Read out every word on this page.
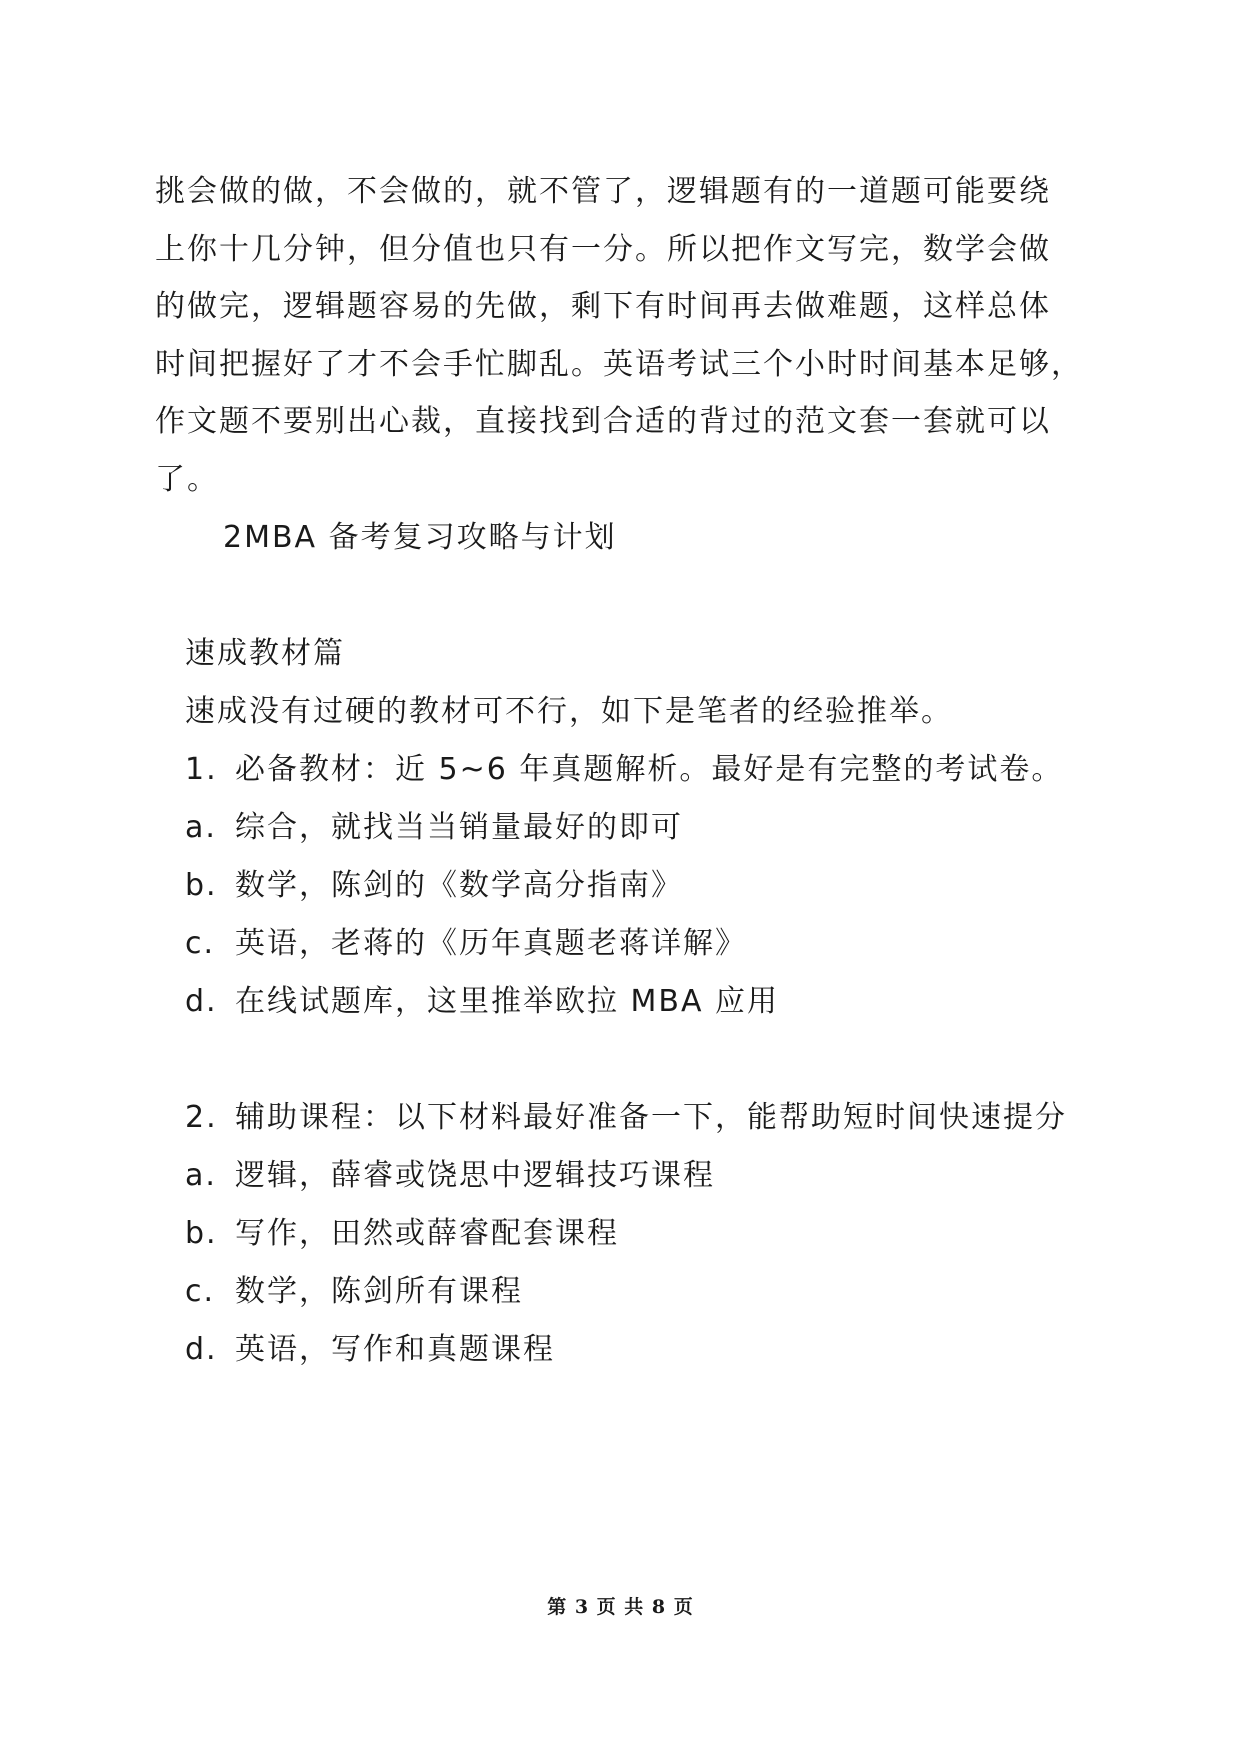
挑会做的做，不会做的，就不管了，逻辑题有的一道题可能要绕
上你十几分钟，但分值也只有一分。所以把作文写完，数学会做
的做完，逻辑题容易的先做，剩下有时间再去做难题，这样总体
时间把握好了才不会手忙脚乱。英语考试三个小时时间基本足够，
作文题不要别出心裁，直接找到合适的背过的范文套一套就可以
了。
2MBA 备考复习攻略与计划
速成教材篇
速成没有过硬的教材可不行，如下是笔者的经验推举。
1. 必备教材：近 5~6 年真题解析。最好是有完整的考试卷。
a. 综合，就找当当销量最好的即可
b. 数学，陈剑的《数学高分指南》
c. 英语，老蒋的《历年真题老蒋详解》
d. 在线试题库，这里推举欧拉 MBA 应用
2. 辅助课程：以下材料最好准备一下，能帮助短时间快速提分
a. 逻辑，薛睿或饶思中逻辑技巧课程
b. 写作，田然或薛睿配套课程
c. 数学，陈剑所有课程
d. 英语，写作和真题课程
第 3 页 共 8 页
